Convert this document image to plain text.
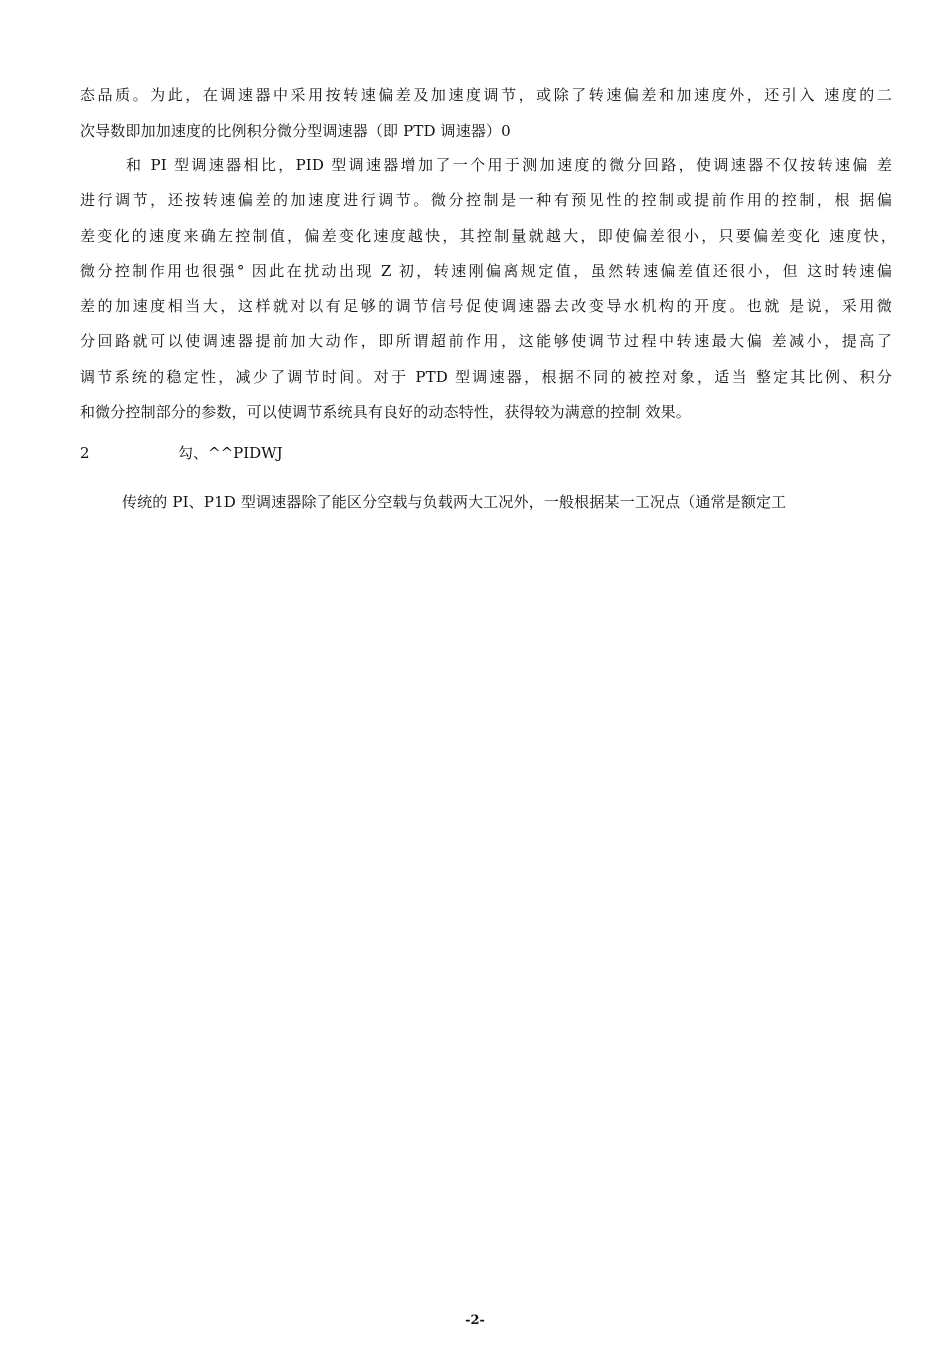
态品质。为此，在调速器中采用按转速偏差及加速度调节，或除了转速偏差和加速度外，还引入 速度的二
次导数即加加速度的比例积分微分型调速器（即 PTD 调速器）0
和 PI 型调速器相比，PID 型调速器增加了一个用于测加速度的微分回路，使调速器不仅按转速偏 差
进行调节，还按转速偏差的加速度进行调节。微分控制是一种有预见性的控制或提前作用的控制，根 据偏
差变化的速度来确左控制值，偏差变化速度越快，其控制量就越大，即使偏差很小，只要偏差变化 速度快，
微分控制作用也很强° 因此在扰动出现 Z 初，转速刚偏离规定值，虽然转速偏差值还很小，但 这时转速偏
差的加速度相当大，这样就对以有足够的调节信号促使调速器去改变导水机构的开度。也就 是说，采用微
分回路就可以使调速器提前加大动作，即所谓超前作用，这能够使调节过程中转速最大偏 差减小，提高了
调节系统的稳定性，减少了调节时间。对于 PTD 型调速器，根据不同的被控对象，适当 整定其比例、积分
和微分控制部分的参数，可以使调节系统具有良好的动态特性，获得较为满意的控制 效果。
2	勾、^^PIDWJ
传统的 PI、P1D 型调速器除了能区分空载与负载两大工况外，一般根据某一工况点（通常是额定工
-2-
